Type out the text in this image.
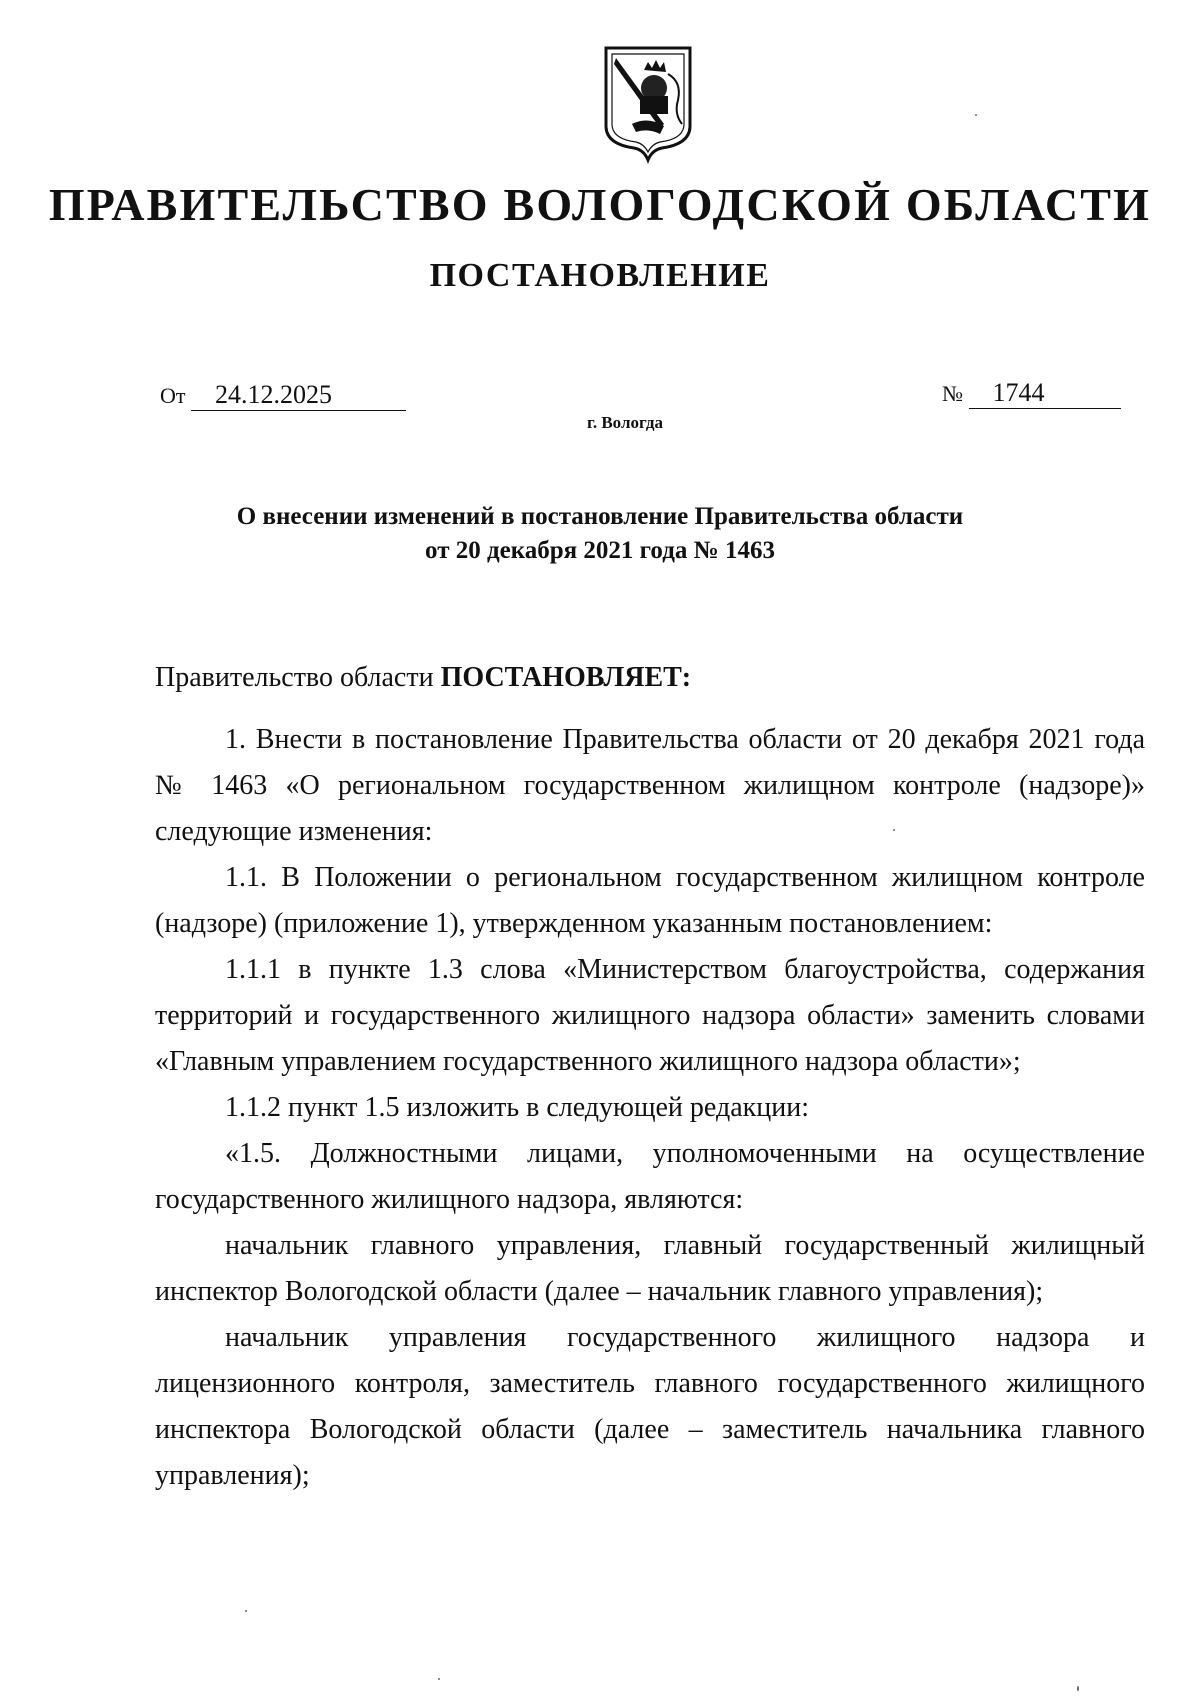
ПРАВИТЕЛЬСТВО ВОЛОГОДСКОЙ ОБЛАСТИ
ПОСТАНОВЛЕНИЕ
От 24.12.2025	№ 1744
г. Вологда
О внесении изменений в постановление Правительства области
от 20 декабря 2021 года № 1463

Правительство области ПОСТАНОВЛЯЕТ:

1. Внести в постановление Правительства области от 20 декабря 2021 года № 1463 «О региональном государственном жилищном контроле (надзоре)» следующие изменения:

1.1. В Положении о региональном государственном жилищном контроле (надзоре) (приложение 1), утвержденном указанным постановлением:

1.1.1 в пункте 1.3 слова «Министерством благоустройства, содержания территорий и государственного жилищного надзора области» заменить словами «Главным управлением государственного жилищного надзора области»;

1.1.2 пункт 1.5 изложить в следующей редакции:

«1.5. Должностными лицами, уполномоченными на осуществление государственного жилищного надзора, являются:

начальник главного управления, главный государственный жилищный инспектор Вологодской области (далее – начальник главного управления);

начальник управления государственного жилищного надзора и лицензионного контроля, заместитель главного государственного жилищного инспектора Вологодской области (далее – заместитель начальника главного управления);
